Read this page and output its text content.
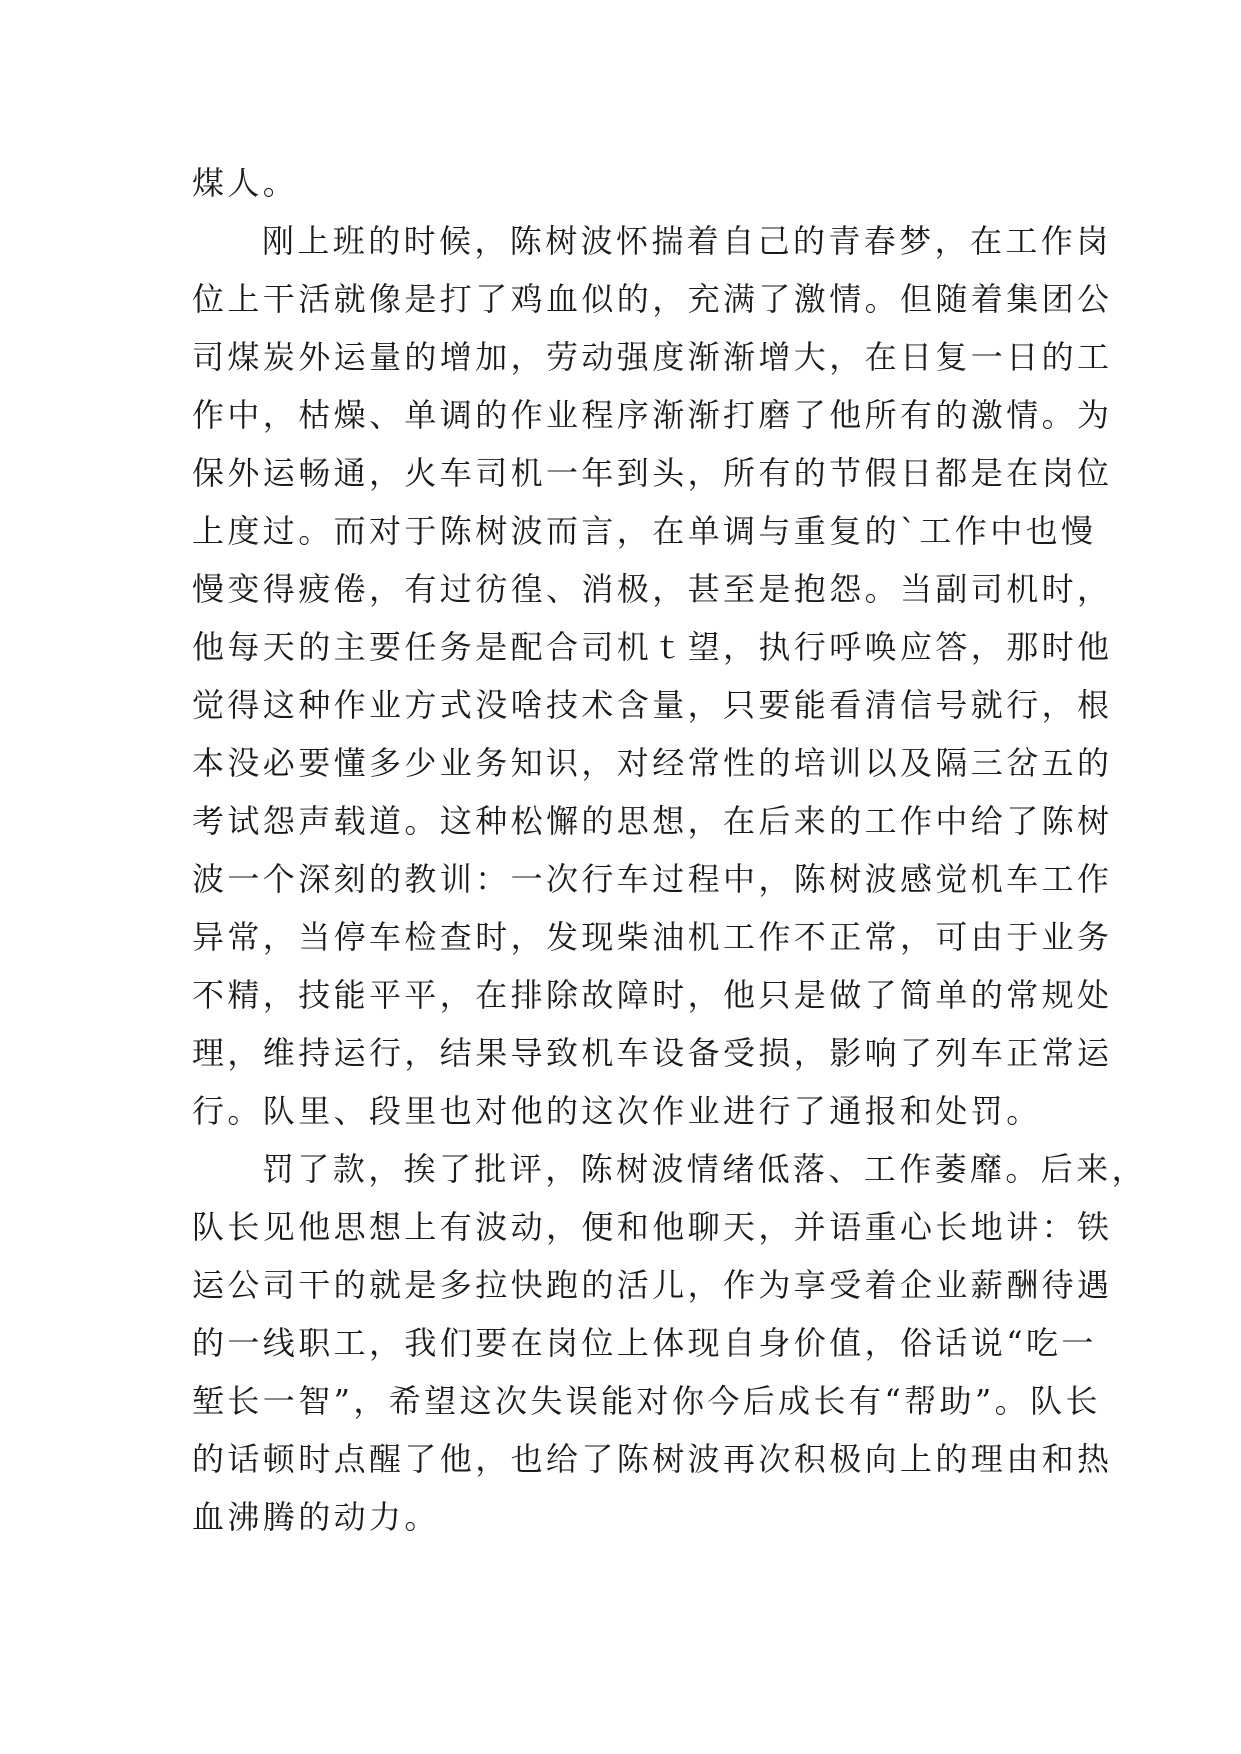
煤人。
刚上班的时候，陈树波怀揣着自己的青春梦，在工作岗
位上干活就像是打了鸡血似的，充满了激情。但随着集团公
司煤炭外运量的增加，劳动强度渐渐增大，在日复一日的工
作中，枯燥、单调的作业程序渐渐打磨了他所有的激情。为
保外运畅通，火车司机一年到头，所有的节假日都是在岗位
上度过。而对于陈树波而言，在单调与重复的`工作中也慢
慢变得疲倦，有过彷徨、消极，甚至是抱怨。当副司机时，
他每天的主要任务是配合司机ｔ望，执行呼唤应答，那时他
觉得这种作业方式没啥技术含量，只要能看清信号就行，根
本没必要懂多少业务知识，对经常性的培训以及隔三岔五的
考试怨声载道。这种松懈的思想，在后来的工作中给了陈树
波一个深刻的教训：一次行车过程中，陈树波感觉机车工作
异常，当停车检查时，发现柴油机工作不正常，可由于业务
不精，技能平平，在排除故障时，他只是做了简单的常规处
理，维持运行，结果导致机车设备受损，影响了列车正常运
行。队里、段里也对他的这次作业进行了通报和处罚。
罚了款，挨了批评，陈树波情绪低落、工作萎靡。后来，
队长见他思想上有波动，便和他聊天，并语重心长地讲：铁
运公司干的就是多拉快跑的活儿，作为享受着企业薪酬待遇
的一线职工，我们要在岗位上体现自身价值，俗话说“吃一
堑长一智”，希望这次失误能对你今后成长有“帮助”。队长
的话顿时点醒了他，也给了陈树波再次积极向上的理由和热
血沸腾的动力。
